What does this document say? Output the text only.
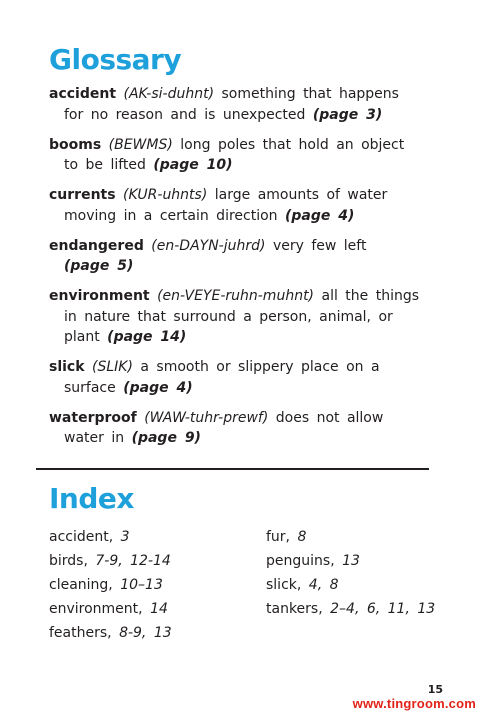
Glossary

accident (AK-si-duhnt) something that happens for no reason and is unexpected (page 3)

booms (BEWMS) long poles that hold an object to be lifted (page 10)

currents (KUR-uhnts) large amounts of water moving in a certain direction (page 4)

endangered (en-DAYN-juhrd) very few left
(page 5)

environment (en-VEYE-ruhn-muhnt) all the things in nature that surround a person, animal, or plant (page 14)

slick (SLIK) a smooth or slippery place on a surface (page 4)

waterproof (WAW-tuhr-prewf) does not allow water in (page 9)

Index
accident, 3
birds, 7-9, 12-14
cleaning, 10–13
environment, 14
feathers, 8-9, 13
fur, 8
penguins, 13
slick, 4, 8
tankers, 2–4, 6, 11, 13
15
www.tingroom.com
